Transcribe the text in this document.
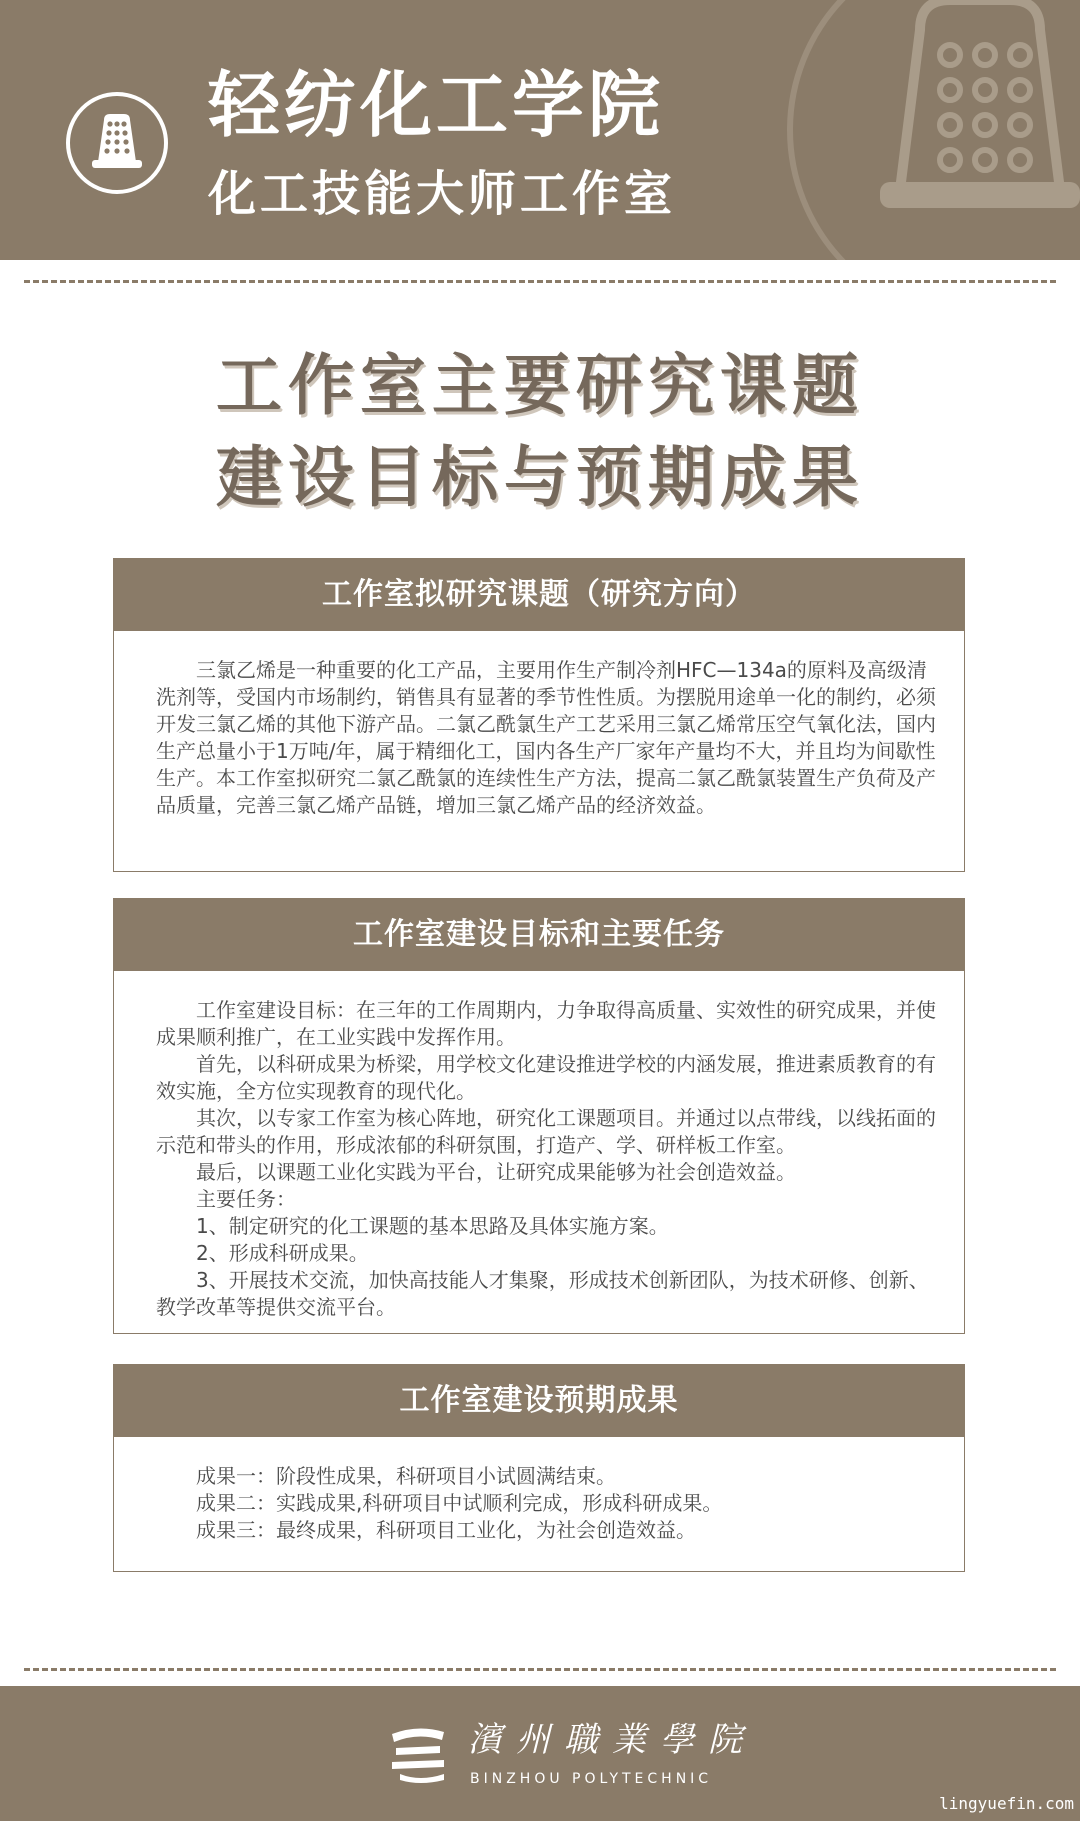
轻纺化工学院
化工技能大师工作室
工作室主要研究课题
建设目标与预期成果
工作室拟研究课题（研究方向）

三氯乙烯是一种重要的化工产品，主要用作生产制冷剂HFC—134a的原料及高级清洗剂等，受国内市场制约，销售具有显著的季节性性质。为摆脱用途单一化的制约，必须开发三氯乙烯的其他下游产品。二氯乙酰氯生产工艺采用三氯乙烯常压空气氧化法，国内生产总量小于1万吨/年，属于精细化工，国内各生产厂家年产量均不大，并且均为间歇性生产。本工作室拟研究二氯乙酰氯的连续性生产方法，提高二氯乙酰氯装置生产负荷及产品质量，完善三氯乙烯产品链，增加三氯乙烯产品的经济效益。

工作室建设目标和主要任务

工作室建设目标：在三年的工作周期内，力争取得高质量、实效性的研究成果，并使成果顺利推广，在工业实践中发挥作用。

首先，以科研成果为桥梁，用学校文化建设推进学校的内涵发展，推进素质教育的有效实施，全方位实现教育的现代化。

其次，以专家工作室为核心阵地，研究化工课题项目。并通过以点带线，以线拓面的示范和带头的作用，形成浓郁的科研氛围，打造产、学、研样板工作室。

最后，以课题工业化实践为平台，让研究成果能够为社会创造效益。

主要任务：

1、制定研究的化工课题的基本思路及具体实施方案。

2、形成科研成果。

3、开展技术交流，加快高技能人才集聚，形成技术创新团队，为技术研修、创新、教学改革等提供交流平台。

工作室建设预期成果

成果一：阶段性成果，科研项目小试圆满结束。

成果二：实践成果,科研项目中试顺利完成，形成科研成果。

成果三：最终成果，科研项目工业化，为社会创造效益。

濱州職業學院

BINZHOU POLYTECHNIC

lingyuefin.com
